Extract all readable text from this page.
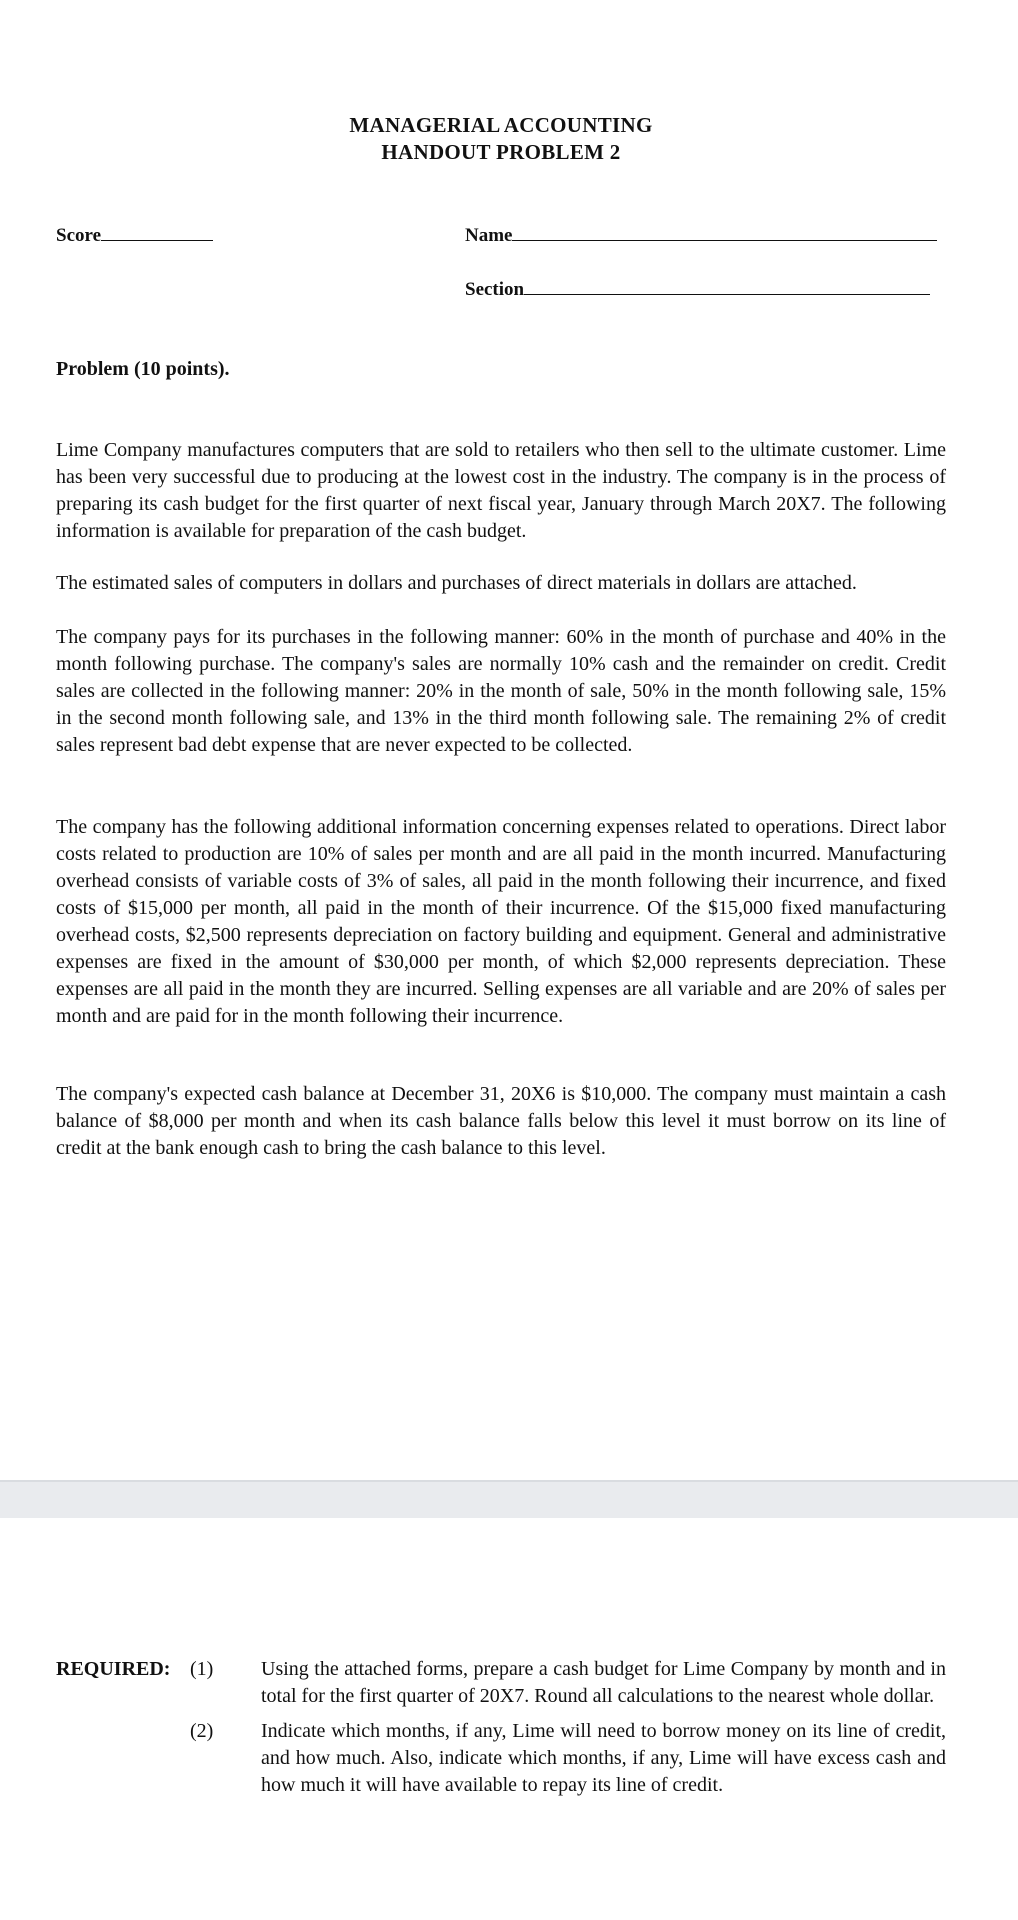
MANAGERIAL ACCOUNTING
HANDOUT PROBLEM 2
Score	Name
Section
Problem (10 points).

Lime Company manufactures computers that are sold to retailers who then sell to the ultimate customer. Lime has been very successful due to producing at the lowest cost in the industry. The company is in the process of preparing its cash budget for the first quarter of next fiscal year, January through March 20X7. The following information is available for preparation of the cash budget.

The estimated sales of computers in dollars and purchases of direct materials in dollars are attached.

The company pays for its purchases in the following manner: 60% in the month of purchase and 40% in the month following purchase. The company's sales are normally 10% cash and the remainder on credit. Credit sales are collected in the following manner: 20% in the month of sale, 50% in the month following sale, 15% in the second month following sale, and 13% in the third month following sale. The remaining 2% of credit sales represent bad debt expense that are never expected to be collected.

The company has the following additional information concerning expenses related to operations. Direct labor costs related to production are 10% of sales per month and are all paid in the month incurred. Manufacturing overhead consists of variable costs of 3% of sales, all paid in the month following their incurrence, and fixed costs of $15,000 per month, all paid in the month of their incurrence. Of the $15,000 fixed manufacturing overhead costs, $2,500 represents depreciation on factory building and equipment. General and administrative expenses are fixed in the amount of $30,000 per month, of which $2,000 represents depreciation. These expenses are all paid in the month they are incurred. Selling expenses are all variable and are 20% of sales per month and are paid for in the month following their incurrence.

The company's expected cash balance at December 31, 20X6 is $10,000. The company must maintain a cash balance of $8,000 per month and when its cash balance falls below this level it must borrow on its line of credit at the bank enough cash to bring the cash balance to this level.

REQUIRED: (1) Using the attached forms, prepare a cash budget for Lime Company by month and in total for the first quarter of 20X7. Round all calculations to the nearest whole dollar.
(2) Indicate which months, if any, Lime will need to borrow money on its line of credit, and how much. Also, indicate which months, if any, Lime will have excess cash and how much it will have available to repay its line of credit.
